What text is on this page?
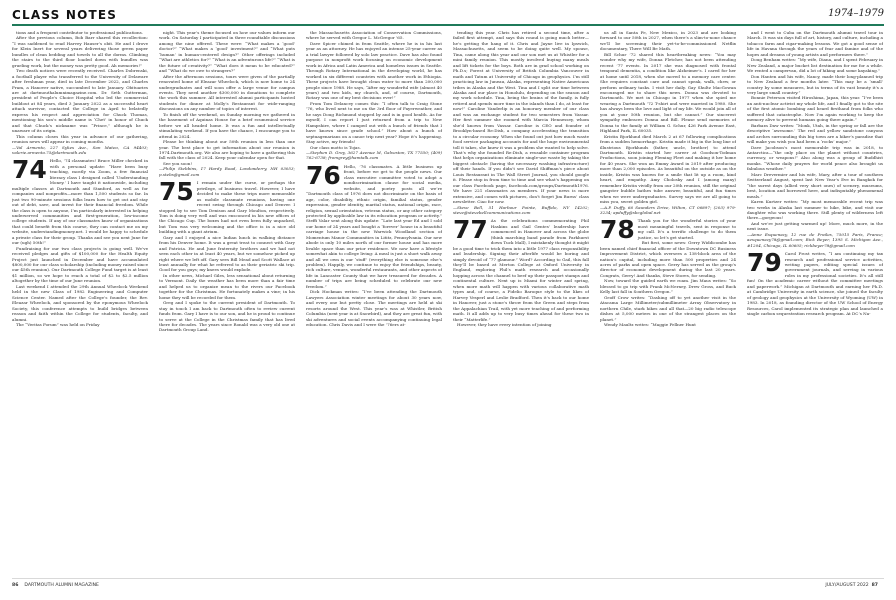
CLASS NOTES	1974–1979
tions and a frequent contributor to professional publications.
After the previous column, Bob Barr shared this recollection: “I was saddened to read Harvey Hauser’s obit. He and I drove for Klein Inert for several years delivering those green paper bundles of clean bedding and towels to all the dorms. Climbing the stairs to the third floor loaded down with bundles was grueling work, but the money was pretty good. Ah memories!”
Two death notices were recently received. Charles Dobrenski, a football player who transferred to the University of Delaware after freshman year, died in late December 2022, and Charles Fram, a Hanover native, succumbed to late January. Obituaries are at dartmouthalumnimagazine.com. Dr. Seth Gutterman, president of People’s Choice Hospital who led the commercial buildout at 84 years, died 3 January 2022 as a successful heart attack survivor, contacted the College in April to belatedly express his respect and appreciation for Chuck Thomas, mentioning his son’s middle name is ‘Chet’ in honor of Chuck and that Chuck’s nickname was “Prince,” although he is unaware of its origin.
This column closes this year in advance of our gathering, reunion news will appear in coming months.
—Val Armento, 227 Sykes Ave., San Mateo, CA 94403; valerie.armento.75@dartmouth.edu
74 Hello, ’74 classmates! Bruce Miller checked in with a personal update: “Have been busy teaching, mostly via Zoom, a few financial literacy class I designed called ‘Understanding Money.’ I have taught it nationwide, including multiple classes at Dartmouth and Stanford, as well as for companies and nonprofits—more than 1,500 students so far. In just two 90-minute sessions folks learn how to get out and stay out of debt, save, and invest for their financial freedom. While the class is open to anyone, I’m particularly interested in helping underserved communities and first-generation, low-income college students. If any of our classmates know of organizations that could benefit from this course, they can contact me on my website, understandingmoney.net. I would be happy to schedule a private class for their group. Thanks and see you next June for our (ugh) 50th!”
Fundraising for our two class projects is going well. We’ve received pledges and gifts of $100,000 for the Health Equity Project just launched in December and have accumulated $800,000 for our class scholarship (including money raised since our 45th reunion). Our Dartmouth College Fund target is at least $1 million, so we hope to reach a total of $2 to $2.5 million altogether by the time of our June reunion.
Last weekend I attended the 29th Annual Wheelock Weekend held in the new Class of 1982 Engineering and Computer Science Center. Named after the College’s founder, the Rev. Eleazar Wheelock, and sponsored by the eponymous Wheelock Society, this conference attempts to build bridges between reason and faith within the College for students, faculty, and alumni.
The “Veritas Forum” was held on Friday
night. This year’s theme focused on how our values inform our work. On Saturday I participated in three roundtable discussions among the nine offered. These were: “What makes a ‘good’ doctor?” “What makes a ‘good’ investment?” and “What puts ‘human’ in human-centered design?” Other offerings included “What are athletics for?” “What is an adventurous life?” “What is the future of creativity?” “What does it mean to be educated?” and “What do we owe to strangers?”
After the afternoon sessions, tours were given of the partially renovated home of Eleazar Wheelock, which is now home to 24 undergraduates and will soon offer a large venue for campus events. They need another $300,000 in donations to complete the work this summer. All interested alumni participants hosted students for dinner at Molly’s Restaurant for wide-ranging discussions on any number of topics of interest.
To finish off the weekend, on Sunday morning we gathered in the basement of Aquinas House for a brief ecumenical service before we all headed home. It was a fun and intellectually stimulating weekend. If you have the chance, I encourage you to attend in 2024.
Please be thinking about our 50th reunion in less than one year. The best place to get information about our reunion is 1974.Dartmouth.org. We also are hoping to have a gathering this fall with the class of 2024. Keep your calendar open for that.
See you soon!
—Philip Stebbins, 17 Hardy Road, Londonderry, NH 03053; p.stebs@gmail.com
75 I remain under the curse, or perhaps the privilege, of business travel. However, I have decided to make these trips more memorable as mobile classmate reunions, having one recent swing through Chicago and Denver. I stopped by to see Tom Denison and Gary Moulton, respectively. Tom is doing very well and was ensconced in his new offices of the Chicago Cup. The boxes had not even been fully unpacked, but Tom was very welcoming and the office is in a nice old building with a giant atrium.
Gary and I enjoyed a nice Indian lunch in walking distance from his Denver home. It was a great treat to connect with Gary and Patricia. He and June fraternity brothers and we had not seen each other in at least 40 years, but we somehow picked up right where we left off. Gary sees Bill Mead and Scott Wallace at least annually for what he referred to as their geriatric ski trip. Good for you guys; my knees would explode.
In other news, Michael Giles, less sensational about returning to Vermont. Daily the weather has been more than a fair time and helped us to organize mean to the rivers our Facebook together for the Christmas. He fortunately makes a vine; in his home they will be recorded for them.
Greg and I spoke to the current president of Dartmouth. To stay in touch I am back to Dartmouth often to review current funds from. Gary I have is to our son, and he is proud to continue to serve at the College in the Christmas family that has lived there for decades. The years since Ronald was a very old one at Dartmouth Group Land.
the Massachusetts Association of Conservation Commissions, where he served with Gregor L. McGregor ’65.
Dave Spicer chimed in from Seattle, where he is in his last year as an attorney. He has enjoyed an intense 25-year career as a trial lawyer followed by solo law practice. Dave has also found purpose in nonprofit work focusing on economic development work in Africa and Latin America and homeless issues in Seattle. Through Rotary International in the developing world, he has worked in six different countries with another work in Ethiopia. These projects have brought clean water to more than 200,000 people since 1988. He says, “After my wonderful wife (almost 40 years) and two kids, my church, and, of course, Dartmouth, Rotary was one of my best decisions ever!”
From Tom Delancey comes this: “I often talk to Craig Stone ’76, who lived next to me on the 3rd floor of Fayerweather, and he says Doug Richmond stopped by and is in good health. As for myself, I can report I just returned from a trip to New Hampshire, where I camped out with a bunch of friends that I have known since grade school.” How about a bunch of septuagenarians on a canoe trip next year? Hope it’s happening. Stay active, my friends!
Our class motto is Tojas.
—Stephen D. Grey, 3627 Avenue M, Galveston, TX 77550; (409) 762-6738; fromgrey@hamtalk.com
76 Hello, ’76 classmates. A little business up front, before we get to the people news. Our class executive committee voted to adopt a nondiscrimination clause for social media, website, and poetry posts all we’re “Dartmouth class of 1976 does not discriminate on the basis of age, color, disability, ethnic origin, familial status, gender expression, gender identity, marital status, national origin, race, religion, sexual orientation, veteran status, or any other category protected by applicable law in its education program or activity.” Steffi Valar sent along this update: “Late last year Ed and I sold our home of 24 years and bought a ‘forever’ house in a beautiful carriage house in the new Warwick Woodland section of Momentum Manor Communities in Lititz, Pennsylvania. Our new abode is only 10 miles north of our former house and has more livable space than our prior residence. We now have a lifestyle somewhat akin to college living: A meal is just a short walk away and all we own is our ‘stuff’ (everything else is someone else’s problem). Happily, we continue to enjoy the friendships, beauty, rich culture, venues, wonderful restaurants, and other aspects of life in Lancaster County that we have treasured for decades. A number of trips are being scheduled to celebrate our new freedom.”
Dick Hockman writes: “I’ve been attending the Dartmouth Lawyers Association winter meetings for about 30 years now, and every one but pretty close. The meetings are held at ski resorts around the West. This year’s was at Whistler, British Columbia (next year is at Snowbird), and they are great fun, with ski adventures and social events accompanying continuing legal education. Chris Davis and I were the ’76ers at-
tending this year. Chris has retired a second time, after a failed first attempt, and says this round is going much better—he’s getting the hang of it. Chris and Jayne live in Ipswich, Massachusetts, and seem to be doing quite well. My spouse, Tina, came along this year and our son met us at Whistler for a mini family reunion. This mostly involved buying many meals and lift tickets for the boys. Both are in grad school working on Ph.D.s; Forest at University of British Columbia Vancouver in math and Tatum at University of Chicago in geophysics. I’m still practicing law in Juneau, Alaska, representing Native Americans tribes in Alaska and the West. Tina and I split our time between Alaska and our place in Honolulu, depending on the season and my work schedule. Tina, being the brains of the family, is fully retired and spends more time in the islands than I do, at least for now!” Caroline Vanderlip is an honorary member of our class and was an exchange student for two semesters from Vassar. Her first summer she roomed with Marcia Hennessey, whom she’d known from Vassar. Caroline is CEO and founder of Brooklyn-based Re:Dish, a company accelerating the transition to a circular economy. When she found out just how much waste food service packaging accounts for and the huge environmental toll it takes, she knew it was a problem she wanted to help solve. That’s why she founded Re:Dish, a reusable container program that helps organizations eliminate single-use waste by taking the biggest obstacle (having the necessary washing infrastructure) off their hands. If you didn’t see David Shiffman’s piece about Louis Restaurant in The Wall Street Journal, you should google it. Please stop in from time to time and see what’s happening on our class Facebook page, facebook.com/groups/Dartmouth1976. We have 221 classmates as members. If your news is more extensive, and comes with pictures, don’t forget Jim Burns’ class newsletter. Ciao for now.
—Steve Bell, 51 Harbour Pointe, Buffalo, NY 14202; steve@stevebellcommunications.com
77 As the celebrations commemorating Phil Haskins and Gail Gentes’ leadership have commenced in Hanover and across the globe (think marching band parade from Parkhurst down Tuck Mall), I mistakenly thought it might be a good time to trick them into a little 1977 class responsibility and leadership. Signing their afterlife would be boring and simply devoid of “77 glamour.” Word? According to Gail, this fall they’ll be based at Merton College at Oxford University in England, exploring Phil’s math research and occasionally hopping across the channel to beef up their passport stamps and continental culture. Next up is Miami for winter and spring, when more math will happen with various collaborative math types and, of course, a Fidelio Baroque style to the likes of Harvey Vesperl and Leslie Bradford. Then it’s back to our home in Hanover, just a stone’s throw from the Green and steps from the Appalachian Trail, with yet more teaching of and performing math. It all adds up to very busy times ahead for these two in their “Matterlife.”
However, they have every intention of joining
us all in Santa Fe, New Mexico, in 2023 and are looking forward to our 50th in 2027, when there’s a slim-to-none chance we’ll be screening their yet-to-be-commissioned Netflix documentary, There Will Be Math.
Bill Schur ’72 shared this heartbreaking news: “You may wonder why my wife, Donna Fletcher, has not been attending recent ’77 events. In 2017 she was diagnosed with frontal temporal dementia, a condition like Alzheimer’s. I cared for her at home until 2018, when she moved to a memory care center. She requires constant care and cannot speak, walk, chew, or perform ordinary tasks. I visit her daily. Gay Shultz MacGowan encouraged me to share this news. Donna was devoted to Dartmouth. We met in Chicago in 1977 when she spied me wearing a Dartmouth ’72 T-shirt and were married in 1980. She has always been the love and light of my life. We would join all of you at your 50th reunion, but she cannot.” Our sincerest sympathy embraces Donna and Bill. Please send memories of Donna to the family at William G. Schur, 426 Park Avenue East, Highland Park, IL 60035.
Kristin Bjorklund died March 2 at 67 following complications from a sudden hemorrhage. Kristin made it big in the long line of illustrious Bjorklunds (father, uncle, brother) to attend Dartmouth. Kristin started her career at Goodson-Todman Productions, soon joining Fleming Fleet and making it her home for 40 years. She won an Emmy Award in 2019 after producing more than 2,000 episodes. As beautiful on the outside as on the inside, Kristin was known for a smile that lit up a room, kind heart, and empathy. Amy Cholosky and I (among many) remember Kristin vividly from our 20th reunion, still the original gangster bubble bathes tube answer, beautiful, and fun times when we were undergraduates. Survey says we are all going to miss you, sweet golden girl.
—A.P. Duffy, 66 Saunders Drive, Wilton, CT 06897; (203) 979-3234; apduffy@sbcglobal.net
78 Thank you for the wonderful stories of your most meaningful travels, sent in response to my call. It’s a terrific challenge to do them justice, so let’s get started.
But first, some news: Gerry Widdicombe has been named chief financial officer of the Downtown DC Business Improvement District, which oversees a 138-block area of the nation’s capital, including more than 500 properties and 24 acres of parks and open space. Gerry has served as the group’s director of economic development during the last 20 years. Congrats, Gerry! And thanks, Steve Stores, for sending.
Now, toward the guided earth we roam. Jim Maus writes: “So blessed to go trip with Frank McNerney, Drew Gross, and Buck Kelly last fall in Southern Oregon.”
Geoff Crow writes: “Dashing off to yet another visit in the Atacama Large Millimeter/submillimeter Array Observatory in northern Chile, stark hikes and all that—20 big radio telescope dishes at 5,000 meters in one of the strangest places on the planet.”
Wendy Maultz writes: “Maggie Fellner Hunt
and I went to Cuba on the Dartmouth alumni travel tour in March. It was six days full of art, history, and culture, including a tobacco farm and cigar-making lessons. We got a good sense of life in Havana through the years of fear and famine and of the hopes and dreams of young artists and performers there.”
Doug Benham writes: “My wife, Diana, and I spent February in New Zealand, a major bucket list destination for me for a while. We rented a campervan, did a lot of hiking and some kayaking.”
Don Hanten and his wife, Nancy, made their long-planned trip to New Zealand a few months later. “This may be a ‘small’ country by some measures, but in terms of its vast beauty it’s a very large small country.”
Bonnie Peterson visited Hiroshima, Japan, this year. “I’ve been an anti-nuclear activist my whole life, and I finally got to the site of the first atomic bombing and heard firsthand from folks who suffered that catastrophe. Now I’m again working to keep the memory alive to prevent humans going there again.”
Barbara Daw writes: “Monk, Utah, in the spring or fall are the descriptive ‘awesome.’ The red and yellow sandstone canyons and arches surrounding this big town are a hiker’s paradise that will make you wish you had been a ‘rocks’ major.”
Dave Jacobson’s most memorable trip was in 2018, to Antarctica—“the only place on the planet without countries, currency, or weapons!” Also along was a group of Buddhist monks. “Whose daily prayers for world peace also brought us fabulous weather.”
Marc Drevermier and his wife, Mary, after a tour of southern Switzerland August, spent last New Year’s Eve in Bangkok for “the surest days (allied very short ones) of scenery, museums, best, location and borrowed here, and indisputably phenomenal meals.”
Karen Kurtzer writes: “My most memorable recent trip was two weeks in Alaska last summer to hike, bike, and visit our daughter who was working there. Still plenty of wilderness left there—gorgeous!
And we’re just getting warmed up! More, much more, in the next issue.
—Anne Esquenazy, 12 rue de Prailes, 75015 Paris, France; aesquenazy78@gmail.com; Rick Beyer, 1395 S. Michigan Ave., #1204, Chicago, IL 60605; rickbeyer78@gmail.com
79 Carol Frost writes, “I am continuing my tax research and professional service activities, writing papers, editing special issues of government journals, and serving in various roles in my professional societies. It’s all still fun! On the academic career without the committee meetings and paperwork.” Michigan at Dartmouth and earning her Ph.D. at Cambridge University in earth science, she joined the faculty of geology and geophysics at the University of Wyoming (UW) in 1983. In 2018, as founding director of the UW School of Energy Resources, Carol implemented its strategic plan and launched a single carbon sequestration research program. At DC’s Na-
86 DARTMOUTH ALUMNI MAGAZINE	JULY/AUGUST 2022 87
